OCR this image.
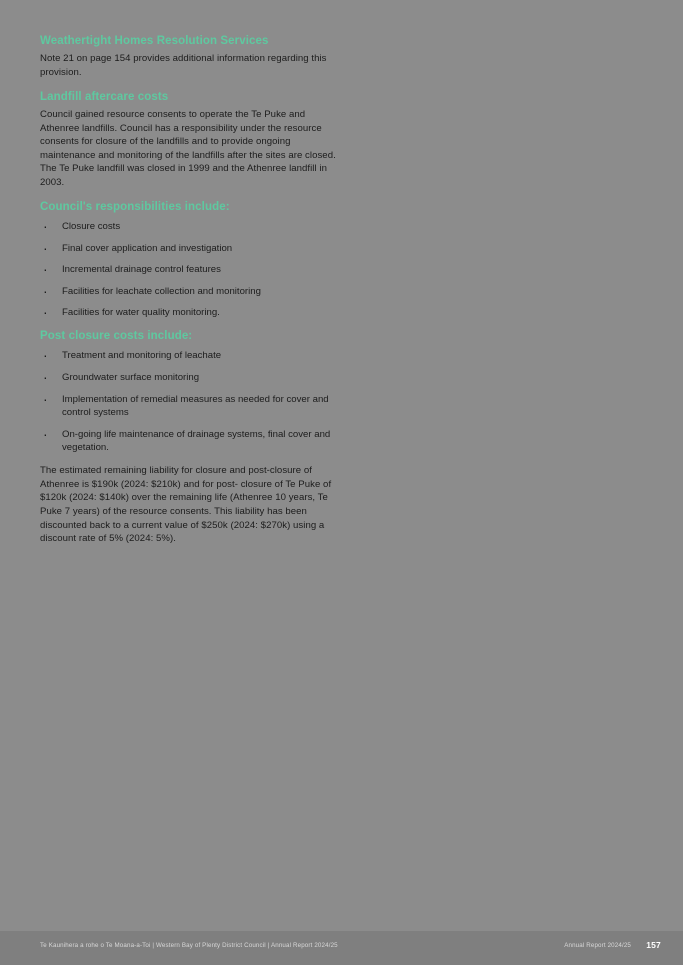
Weathertight Homes Resolution Services

Note 21 on page 154 provides additional information regarding this provision.

Landfill aftercare costs

Council gained resource consents to operate the Te Puke and Athenree landfills. Council has a responsibility under the resource consents for closure of the landfills and to provide ongoing maintenance and monitoring of the landfills after the sites are closed. The Te Puke landfill was closed in 1999 and the Athenree landfill in 2003.

Council's responsibilities include:
· Closure costs
· Final cover application and investigation
· Incremental drainage control features
· Facilities for leachate collection and monitoring
· Facilities for water quality monitoring.
Post closure costs include:
· Treatment and monitoring of leachate
· Groundwater surface monitoring
· Implementation of remedial measures as needed for cover and control systems
· On-going life maintenance of drainage systems, final cover and vegetation.

The estimated remaining liability for closure and post-closure of Athenree is $190k (2024: $210k) and for post- closure of Te Puke of $120k (2024: $140k) over the remaining life (Athenree 10 years, Te Puke 7 years) of the resource consents. This liability has been discounted back to a current value of $250k (2024: $270k) using a discount rate of 5% (2024: 5%).

Te Kaunihera a rohe o Te Moana-a-Toi | Western Bay of Plenty District Council | Annual Report 2024/25	Annual Report 2024/25 157
